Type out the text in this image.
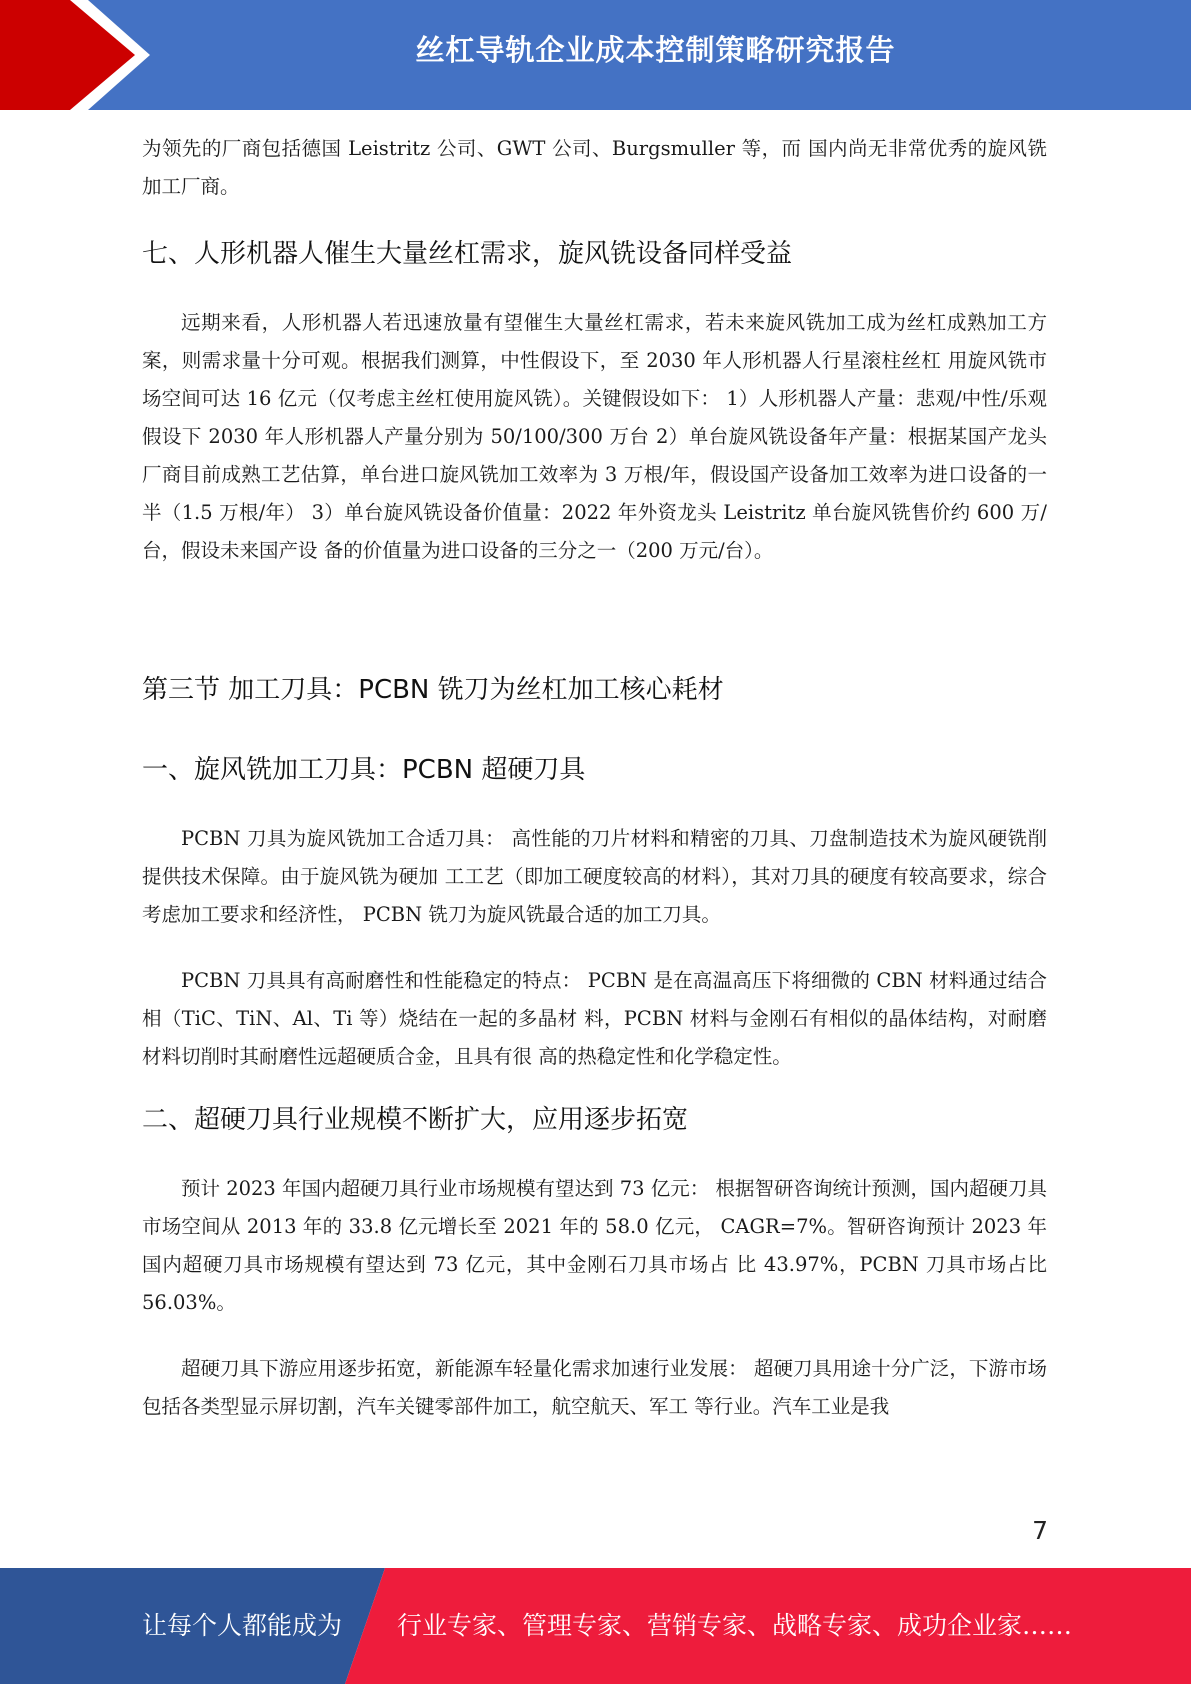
丝杠导轨企业成本控制策略研究报告

为领先的厂商包括德国 Leistritz 公司、GWT 公司、Burgsmuller 等，而 国内尚无非常优秀的旋风铣加工厂商。

七、人形机器人催生大量丝杠需求，旋风铣设备同样受益

远期来看，人形机器人若迅速放量有望催生大量丝杠需求，若未来旋风铣加工成为丝杠成熟加工方案，则需求量十分可观。根据我们测算，中性假设下，至 2030 年人形机器人行星滚柱丝杠 用旋风铣市场空间可达 16 亿元（仅考虑主丝杠使用旋风铣）。关键假设如下： 1）人形机器人产量：悲观/中性/乐观假设下 2030 年人形机器人产量分别为 50/100/300 万台 2）单台旋风铣设备年产量：根据某国产龙头厂商目前成熟工艺估算，单台进口旋风铣加工效率为 3 万根/年，假设国产设备加工效率为进口设备的一半（1.5 万根/年） 3）单台旋风铣设备价值量：2022 年外资龙头 Leistritz 单台旋风铣售价约 600 万/台，假设未来国产设 备的价值量为进口设备的三分之一（200 万元/台）。

第三节 加工刀具：PCBN 铣刀为丝杠加工核心耗材
一、旋风铣加工刀具：PCBN 超硬刀具

PCBN 刀具为旋风铣加工合适刀具： 高性能的刀片材料和精密的刀具、刀盘制造技术为旋风硬铣削提供技术保障。由于旋风铣为硬加 工工艺（即加工硬度较高的材料），其对刀具的硬度有较高要求，综合考虑加工要求和经济性， PCBN 铣刀为旋风铣最合适的加工刀具。

PCBN 刀具具有高耐磨性和性能稳定的特点： PCBN 是在高温高压下将细微的 CBN 材料通过结合相（TiC、TiN、Al、Ti 等）烧结在一起的多晶材 料，PCBN 材料与金刚石有相似的晶体结构，对耐磨材料切削时其耐磨性远超硬质合金，且具有很 高的热稳定性和化学稳定性。

二、超硬刀具行业规模不断扩大，应用逐步拓宽

预计 2023 年国内超硬刀具行业市场规模有望达到 73 亿元： 根据智研咨询统计预测，国内超硬刀具市场空间从 2013 年的 33.8 亿元增长至 2021 年的 58.0 亿元， CAGR=7%。智研咨询预计 2023 年国内超硬刀具市场规模有望达到 73 亿元，其中金刚石刀具市场占 比 43.97%，PCBN 刀具市场占比 56.03%。

超硬刀具下游应用逐步拓宽，新能源车轻量化需求加速行业发展： 超硬刀具用途十分广泛，下游市场包括各类型显示屏切割，汽车关键零部件加工，航空航天、军工 等行业。汽车工业是我

7
让每个人都能成为 行业专家、管理专家、营销专家、战略专家、成功企业家……
